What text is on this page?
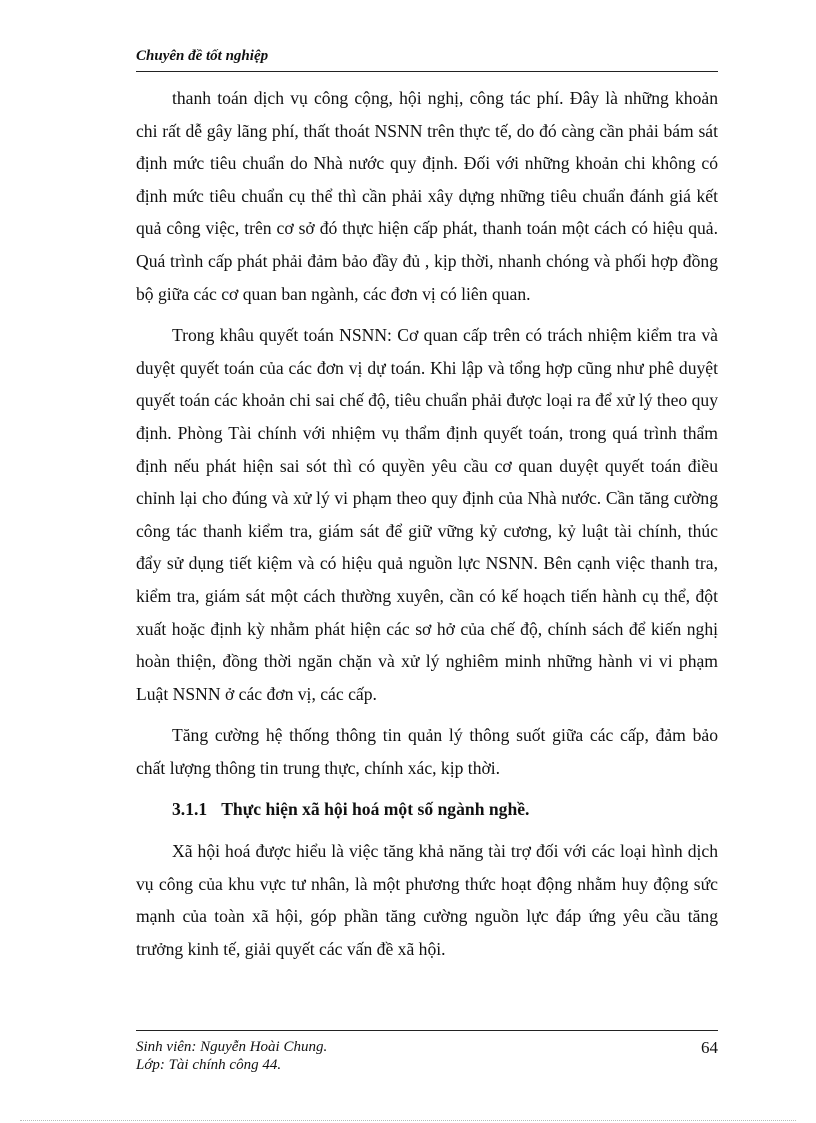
Chuyên đề tốt nghiệp

thanh toán dịch vụ công cộng, hội nghị, công tác phí. Đây là những khoản chi rất dễ gây lãng phí, thất thoát NSNN trên thực tế, do đó càng cần phải bám sát định mức tiêu chuẩn do Nhà nước quy định. Đối với những khoản chi không có định mức tiêu chuẩn cụ thể thì cần phải xây dựng những tiêu chuẩn đánh giá kết quả công việc, trên cơ sở đó thực hiện cấp phát, thanh toán một cách có hiệu quả. Quá trình cấp phát phải đảm bảo đầy đủ , kịp thời, nhanh chóng và phối hợp đồng bộ giữa các cơ quan ban ngành, các đơn vị có liên quan.

Trong khâu quyết toán NSNN: Cơ quan cấp trên có trách nhiệm kiểm tra và duyệt quyết toán của các đơn vị dự toán. Khi lập và tổng hợp cũng như phê duyệt quyết toán các khoản chi sai chế độ, tiêu chuẩn phải được loại ra để xử lý theo quy định. Phòng Tài chính với nhiệm vụ thẩm định quyết toán, trong quá trình thẩm định nếu phát hiện sai sót thì có quyền yêu cầu cơ quan duyệt quyết toán điều chỉnh lại cho đúng và xử lý vi phạm theo quy định của Nhà nước. Cần tăng cường công tác thanh kiểm tra, giám sát để giữ vững kỷ cương, kỷ luật tài chính, thúc đẩy sử dụng tiết kiệm và có hiệu quả nguồn lực NSNN. Bên cạnh việc thanh tra, kiểm tra, giám sát một cách thường xuyên, cần có kế hoạch tiến hành cụ thể, đột xuất hoặc định kỳ nhằm phát hiện các sơ hở của chế độ, chính sách để kiến nghị hoàn thiện, đồng thời ngăn chặn và xử lý nghiêm minh những hành vi vi phạm Luật NSNN ở các đơn vị, các cấp.

Tăng cường hệ thống thông tin quản lý thông suốt giữa các cấp, đảm bảo chất lượng thông tin trung thực, chính xác, kịp thời.

3.1.1 Thực hiện xã hội hoá một số ngành nghề.

Xã hội hoá được hiểu là việc tăng khả năng tài trợ đối với các loại hình dịch vụ công của khu vực tư nhân, là một phương thức hoạt động nhằm huy động sức mạnh của toàn xã hội, góp phần tăng cường nguồn lực đáp ứng yêu cầu tăng trưởng kinh tế, giải quyết các vấn đề xã hội.

Sinh viên: Nguyễn Hoài Chung.
Lớp: Tài chính công 44.
64
